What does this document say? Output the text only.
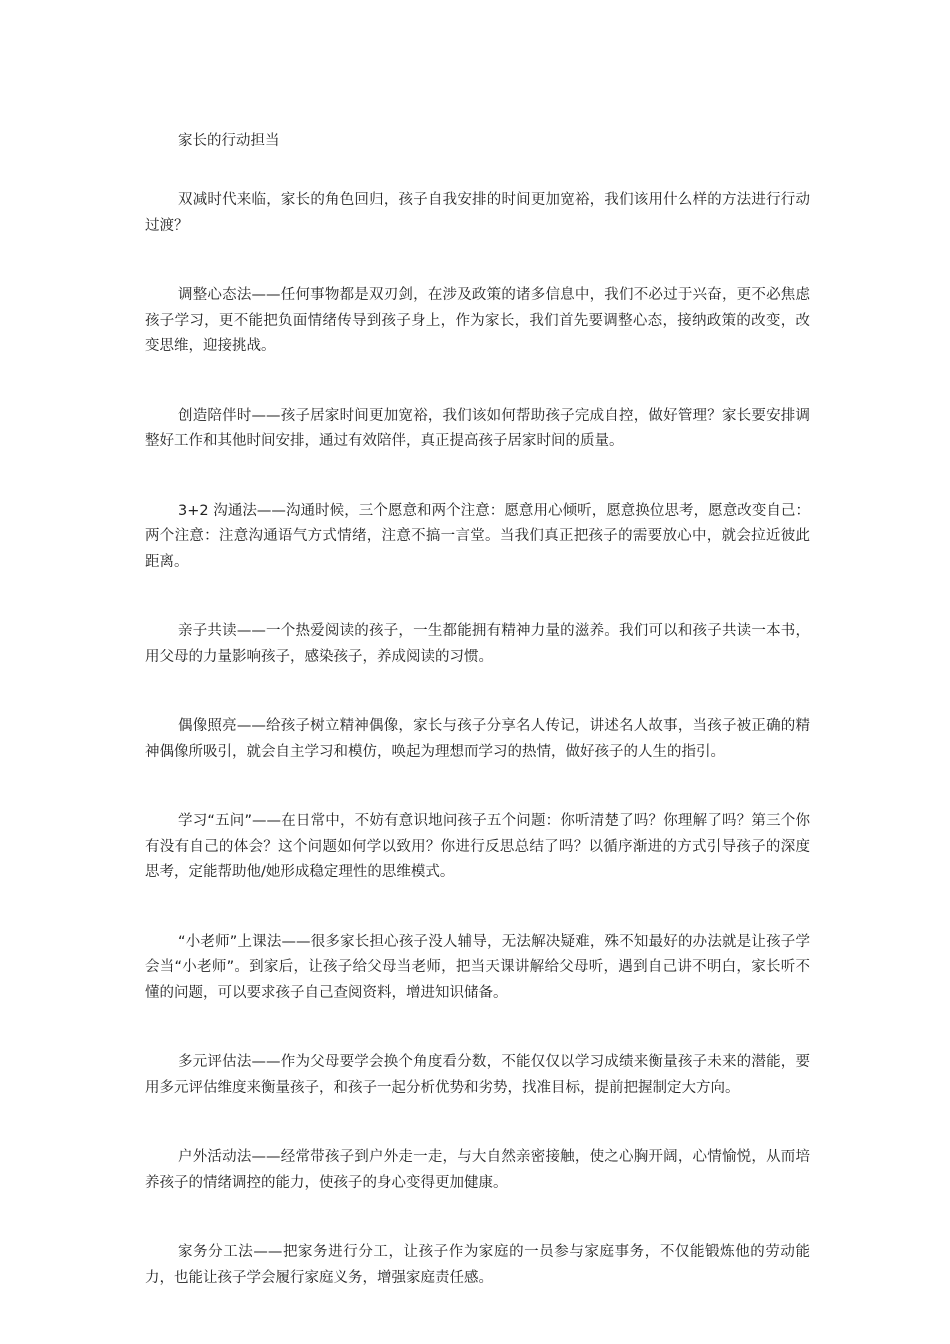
家长的行动担当

双减时代来临，家长的角色回归，孩子自我安排的时间更加宽裕，我们该用什么样的方法进行行动过渡？

调整心态法——任何事物都是双刃剑，在涉及政策的诸多信息中，我们不必过于兴奋，更不必焦虑孩子学习，更不能把负面情绪传导到孩子身上，作为家长，我们首先要调整心态，接纳政策的改变，改变思维，迎接挑战。

创造陪伴时——孩子居家时间更加宽裕，我们该如何帮助孩子完成自控，做好管理？家长要安排调整好工作和其他时间安排，通过有效陪伴，真正提高孩子居家时间的质量。

3+2 沟通法——沟通时候，三个愿意和两个注意：愿意用心倾听，愿意换位思考，愿意改变自己：两个注意：注意沟通语气方式情绪，注意不搞一言堂。当我们真正把孩子的需要放心中，就会拉近彼此距离。

亲子共读——一个热爱阅读的孩子，一生都能拥有精神力量的滋养。我们可以和孩子共读一本书，用父母的力量影响孩子，感染孩子，养成阅读的习惯。

偶像照亮——给孩子树立精神偶像，家长与孩子分享名人传记，讲述名人故事，当孩子被正确的精神偶像所吸引，就会自主学习和模仿，唤起为理想而学习的热情，做好孩子的人生的指引。

学习“五问”——在日常中，不妨有意识地问孩子五个问题：你听清楚了吗？你理解了吗？第三个你有没有自己的体会？这个问题如何学以致用？你进行反思总结了吗？以循序渐进的方式引导孩子的深度思考，定能帮助他/她形成稳定理性的思维模式。

“小老师”上课法——很多家长担心孩子没人辅导，无法解决疑难，殊不知最好的办法就是让孩子学会当“小老师”。到家后，让孩子给父母当老师，把当天课讲解给父母听，遇到自己讲不明白，家长听不懂的问题，可以要求孩子自己查阅资料，增进知识储备。

多元评估法——作为父母要学会换个角度看分数，不能仅仅以学习成绩来衡量孩子未来的潜能，要用多元评估维度来衡量孩子，和孩子一起分析优势和劣势，找准目标，提前把握制定大方向。

户外活动法——经常带孩子到户外走一走，与大自然亲密接触，使之心胸开阔，心情愉悦，从而培养孩子的情绪调控的能力，使孩子的身心变得更加健康。

家务分工法——把家务进行分工，让孩子作为家庭的一员参与家庭事务，不仅能锻炼他的劳动能力，也能让孩子学会履行家庭义务，增强家庭责任感。
